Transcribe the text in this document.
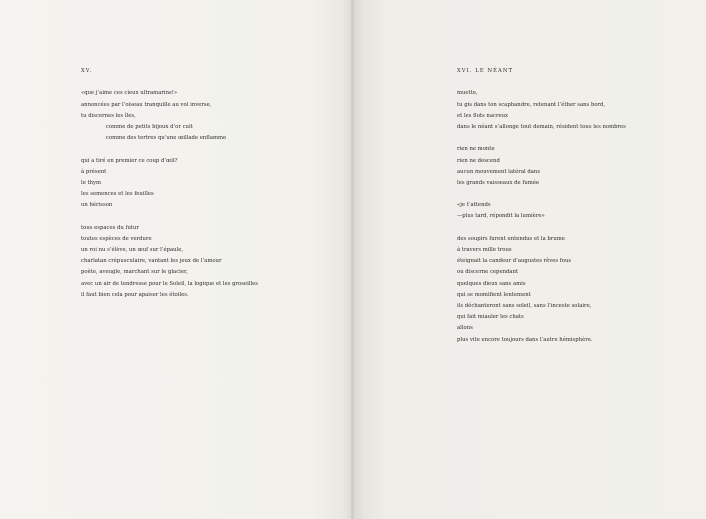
XV.
«que j’aime ces cieux ultramarins!»
annoncées par l’oiseau tranquille au vol inverse,
tu discernes les îles,
comme de petits bijoux d’or cuit
comme des tertres qu’une œillade enflamme
qui a tiré en premier ce coup d’œil?
à présent
le thym
les semences et les feuilles
un hérisson
tous espaces du futur
toutes espèces de verdure
un roi nu s’élève, un œuf sur l’épaule,
charlatan crépusculaire, vantant les jeux de l’amour
poète, aveugle, marchant sur le glacier,
avec un air de tendresse pour le Soleil, la logique et les groseilles
il faut bien cela pour apaiser les étoiles.
XVI. LE NÉANT
muette,
tu gis dans ton scaphandre, retenant l’éther sans bord,
et les flots nacreux
dans le néant s’allonge tout demain, résident tous les nombres
rien ne monte
rien ne descend
aucun mouvement latéral dans
les grands vaisseaux de fumée
«je t’attends
—plus tard, répondit la lumière»
des soupirs furent entendus et la brume
à travers mille trous
éteignait la candeur d’augustes rêves fous
ou discerne cependant
quelques dieux sans amis
qui se momifient lentement
ils déchanteront sans soleil, sans l’inceste solaire,
qui fait miauler les chats
allons
plus vite encore toujours dans l’autre hémisphère.
